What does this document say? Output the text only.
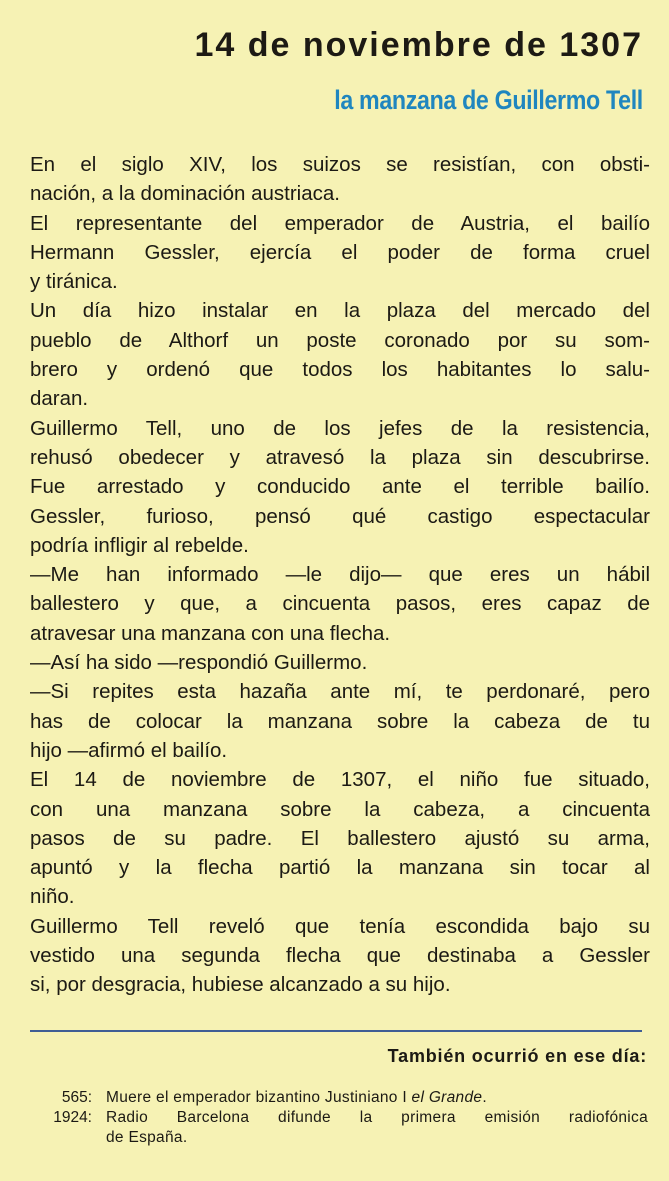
14 de noviembre de 1307
la manzana de Guillermo Tell
En el siglo XIV, los suizos se resistían, con obsti-
nación, a la dominación austriaca.
El representante del emperador de Austria, el bailío
Hermann Gessler, ejercía el poder de forma cruel
y tiránica.
Un día hizo instalar en la plaza del mercado del
pueblo de Althorf un poste coronado por su som-
brero y ordenó que todos los habitantes lo salu-
daran.
Guillermo Tell, uno de los jefes de la resistencia,
rehusó obedecer y atravesó la plaza sin descubrirse.
Fue arrestado y conducido ante el terrible bailío.
Gessler, furioso, pensó qué castigo espectacular
podría infligir al rebelde.
—Me han informado —le dijo— que eres un hábil
ballestero y que, a cincuenta pasos, eres capaz de
atravesar una manzana con una flecha.
—Así ha sido —respondió Guillermo.
—Si repites esta hazaña ante mí, te perdonaré, pero
has de colocar la manzana sobre la cabeza de tu
hijo —afirmó el bailío.
El 14 de noviembre de 1307, el niño fue situado,
con una manzana sobre la cabeza, a cincuenta
pasos de su padre. El ballestero ajustó su arma,
apuntó y la flecha partió la manzana sin tocar al
niño.
Guillermo Tell reveló que tenía escondida bajo su
vestido una segunda flecha que destinaba a Gessler
si, por desgracia, hubiese alcanzado a su hijo.
También ocurrió en ese día:
565: Muere el emperador bizantino Justiniano I el Grande.
1924: Radio Barcelona difunde la primera emisión radiofónica
de España.
